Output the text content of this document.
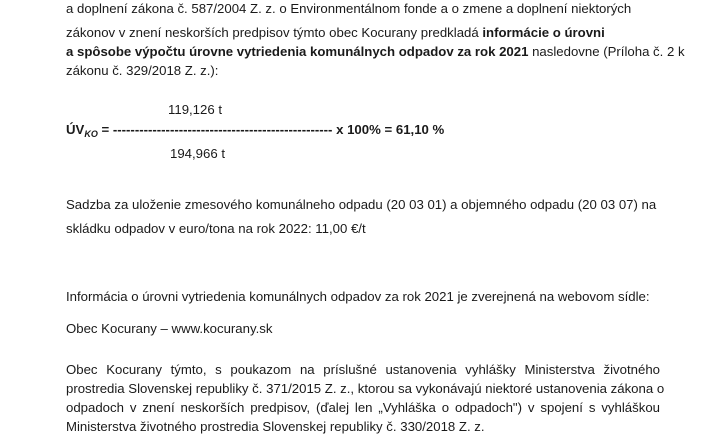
a doplnení zákona č. 587/2004 Z. z. o Environmentálnom fonde a o zmene a doplnení niektorých
zákonov v znení neskorších predpisov týmto obec Kocurany predkladá informácie o úrovni
a spôsobe výpočtu úrovne vytriedenia komunálnych odpadov za rok 2021 nasledovne (Príloha č. 2 k
zákonu č. 329/2018 Z. z.):
119,126 t
$ÚV_{KO}$ = -------------------------------------------------- x 100% = 61,10 %
194,966 t
Sadzba za uloženie zmesového komunálneho odpadu (20 03 01) a objemného odpadu (20 03 07) na
skládku odpadov v euro/tona na rok 2022: 11,00 €/t
Informácia o úrovni vytriedenia komunálnych odpadov za rok 2021 je zverejnená na webovom sídle:
Obec Kocurany – www.kocurany.sk
Obec Kocurany týmto, s poukazom na príslušné ustanovenia vyhlášky Ministerstva životného
prostredia Slovenskej republiky č. 371/2015 Z. z., ktorou sa vykonávajú niektoré ustanovenia zákona o
odpadoch v znení neskorších predpisov, (ďalej len „Vyhláška o odpadoch") v spojení s vyhláškou
Ministerstva životného prostredia Slovenskej republiky č. 330/2018 Z. z.
